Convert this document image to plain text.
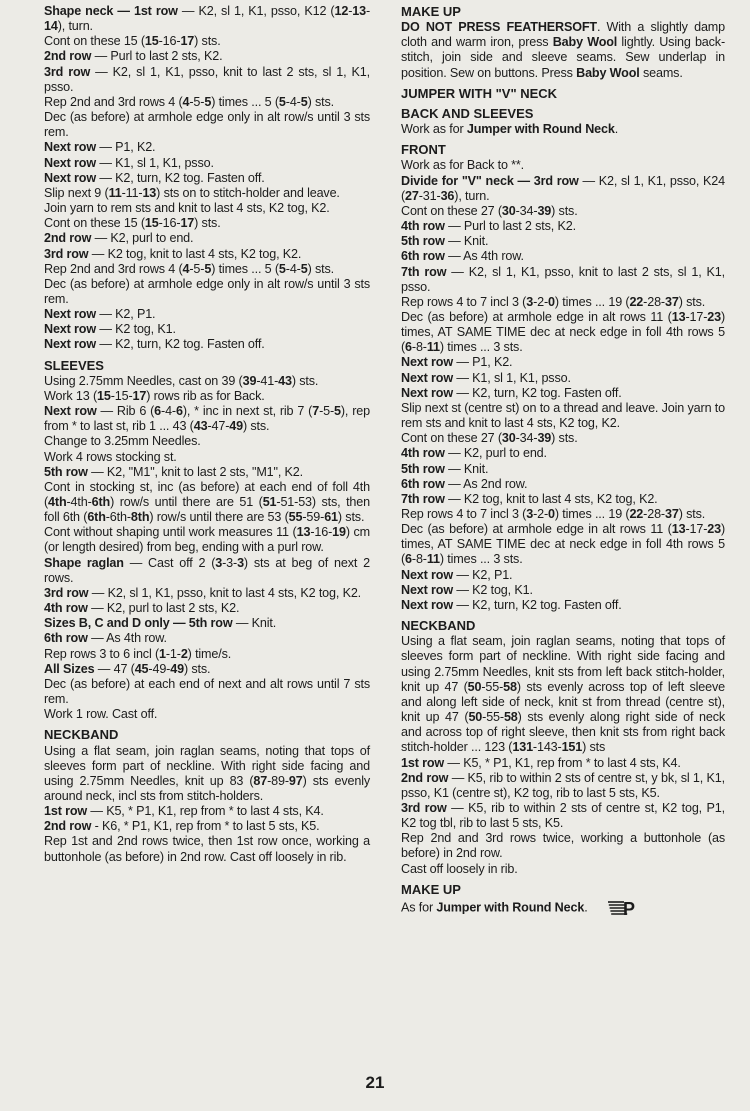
Shape neck — 1st row — K2, sl 1, K1, psso, K12 (12-13-14), turn.

Cont on these 15 (15-16-17) sts.

2nd row — Purl to last 2 sts, K2.

3rd row — K2, sl 1, K1, psso, knit to last 2 sts, sl 1, K1, psso.

Rep 2nd and 3rd rows 4 (4-5-5) times ... 5 (5-4-5) sts.

Dec (as before) at armhole edge only in alt row/s until 3 sts rem.

Next row — P1, K2.

Next row — K1, sl 1, K1, psso.

Next row — K2, turn, K2 tog. Fasten off.

Slip next 9 (11-11-13) sts on to stitch-holder and leave.

Join yarn to rem sts and knit to last 4 sts, K2 tog, K2.

Cont on these 15 (15-16-17) sts.

2nd row — K2, purl to end.

3rd row — K2 tog, knit to last 4 sts, K2 tog, K2.

Rep 2nd and 3rd rows 4 (4-5-5) times ... 5 (5-4-5) sts.

Dec (as before) at armhole edge only in alt row/s until 3 sts rem.

Next row — K2, P1.

Next row — K2 tog, K1.

Next row — K2, turn, K2 tog. Fasten off.

SLEEVES

Using 2.75mm Needles, cast on 39 (39-41-43) sts.

Work 13 (15-15-17) rows rib as for Back.

Next row — Rib 6 (6-4-6), * inc in next st, rib 7 (7-5-5), rep from * to last st, rib 1 ... 43 (43-47-49) sts.

Change to 3.25mm Needles.

Work 4 rows stocking st.

5th row — K2, "M1", knit to last 2 sts, "M1", K2.

Cont in stocking st, inc (as before) at each end of foll 4th (4th-4th-6th) row/s until there are 51 (51-51-53) sts, then foll 6th (6th-6th-8th) row/s until there are 53 (55-59-61) sts.

Cont without shaping until work measures 11 (13-16-19) cm (or length desired) from beg, ending with a purl row.

Shape raglan — Cast off 2 (3-3-3) sts at beg of next 2 rows.

3rd row — K2, sl 1, K1, psso, knit to last 4 sts, K2 tog, K2.

4th row — K2, purl to last 2 sts, K2.

Sizes B, C and D only — 5th row — Knit.

6th row — As 4th row.

Rep rows 3 to 6 incl (1-1-2) time/s.

All Sizes — 47 (45-49-49) sts.

Dec (as before) at each end of next and alt rows until 7 sts rem.

Work 1 row. Cast off.

NECKBAND

Using a flat seam, join raglan seams, noting that tops of sleeves form part of neckline. With right side facing and using 2.75mm Needles, knit up 83 (87-89-97) sts evenly around neck, incl sts from stitch-holders.

1st row — K5, * P1, K1, rep from * to last 4 sts, K4.

2nd row - K6, * P1, K1, rep from * to last 5 sts, K5.

Rep 1st and 2nd rows twice, then 1st row once, working a buttonhole (as before) in 2nd row. Cast off loosely in rib.

MAKE UP

DO NOT PRESS FEATHERSOFT. With a slightly damp cloth and warm iron, press Baby Wool lightly. Using back-stitch, join side and sleeve seams. Sew underlap in position. Sew on buttons. Press Baby Wool seams.

JUMPER WITH "V" NECK
BACK AND SLEEVES

Work as for Jumper with Round Neck.

FRONT

Work as for Back to **.

Divide for "V" neck — 3rd row — K2, sl 1, K1, psso, K24 (27-31-36), turn.

Cont on these 27 (30-34-39) sts.

4th row — Purl to last 2 sts, K2.

5th row — Knit.

6th row — As 4th row.

7th row — K2, sl 1, K1, psso, knit to last 2 sts, sl 1, K1, psso.

Rep rows 4 to 7 incl 3 (3-2-0) times ... 19 (22-28-37) sts.

Dec (as before) at armhole edge in alt rows 11 (13-17-23) times, AT SAME TIME dec at neck edge in foll 4th rows 5 (6-8-11) times ... 3 sts.

Next row — P1, K2.

Next row — K1, sl 1, K1, psso.

Next row — K2, turn, K2 tog. Fasten off.

Slip next st (centre st) on to a thread and leave. Join yarn to rem sts and knit to last 4 sts, K2 tog, K2.

Cont on these 27 (30-34-39) sts.

4th row — K2, purl to end.

5th row — Knit.

6th row — As 2nd row.

7th row — K2 tog, knit to last 4 sts, K2 tog, K2.

Rep rows 4 to 7 incl 3 (3-2-0) times ... 19 (22-28-37) sts.

Dec (as before) at armhole edge in alt rows 11 (13-17-23) times, AT SAME TIME dec at neck edge in foll 4th rows 5 (6-8-11) times ... 3 sts.

Next row — K2, P1.

Next row — K2 tog, K1.

Next row — K2, turn, K2 tog. Fasten off.

NECKBAND

Using a flat seam, join raglan seams, noting that tops of sleeves form part of neckline. With right side facing and using 2.75mm Needles, knit sts from left back stitch-holder, knit up 47 (50-55-58) sts evenly across top of left sleeve and along left side of neck, knit st from thread (centre st), knit up 47 (50-55-58) sts evenly along right side of neck and across top of right sleeve, then knit sts from right back stitch-holder ... 123 (131-143-151) sts

1st row — K5, * P1, K1, rep from * to last 4 sts, K4.

2nd row — K5, rib to within 2 sts of centre st, y bk, sl 1, K1, psso, K1 (centre st), K2 tog, rib to last 5 sts, K5.

3rd row — K5, rib to within 2 sts of centre st, K2 tog, P1, K2 tog tbl, rib to last 5 sts, K5.

Rep 2nd and 3rd rows twice, working a buttonhole (as before) in 2nd row.

Cast off loosely in rib.

MAKE UP

As for Jumper with Round Neck. P

21
